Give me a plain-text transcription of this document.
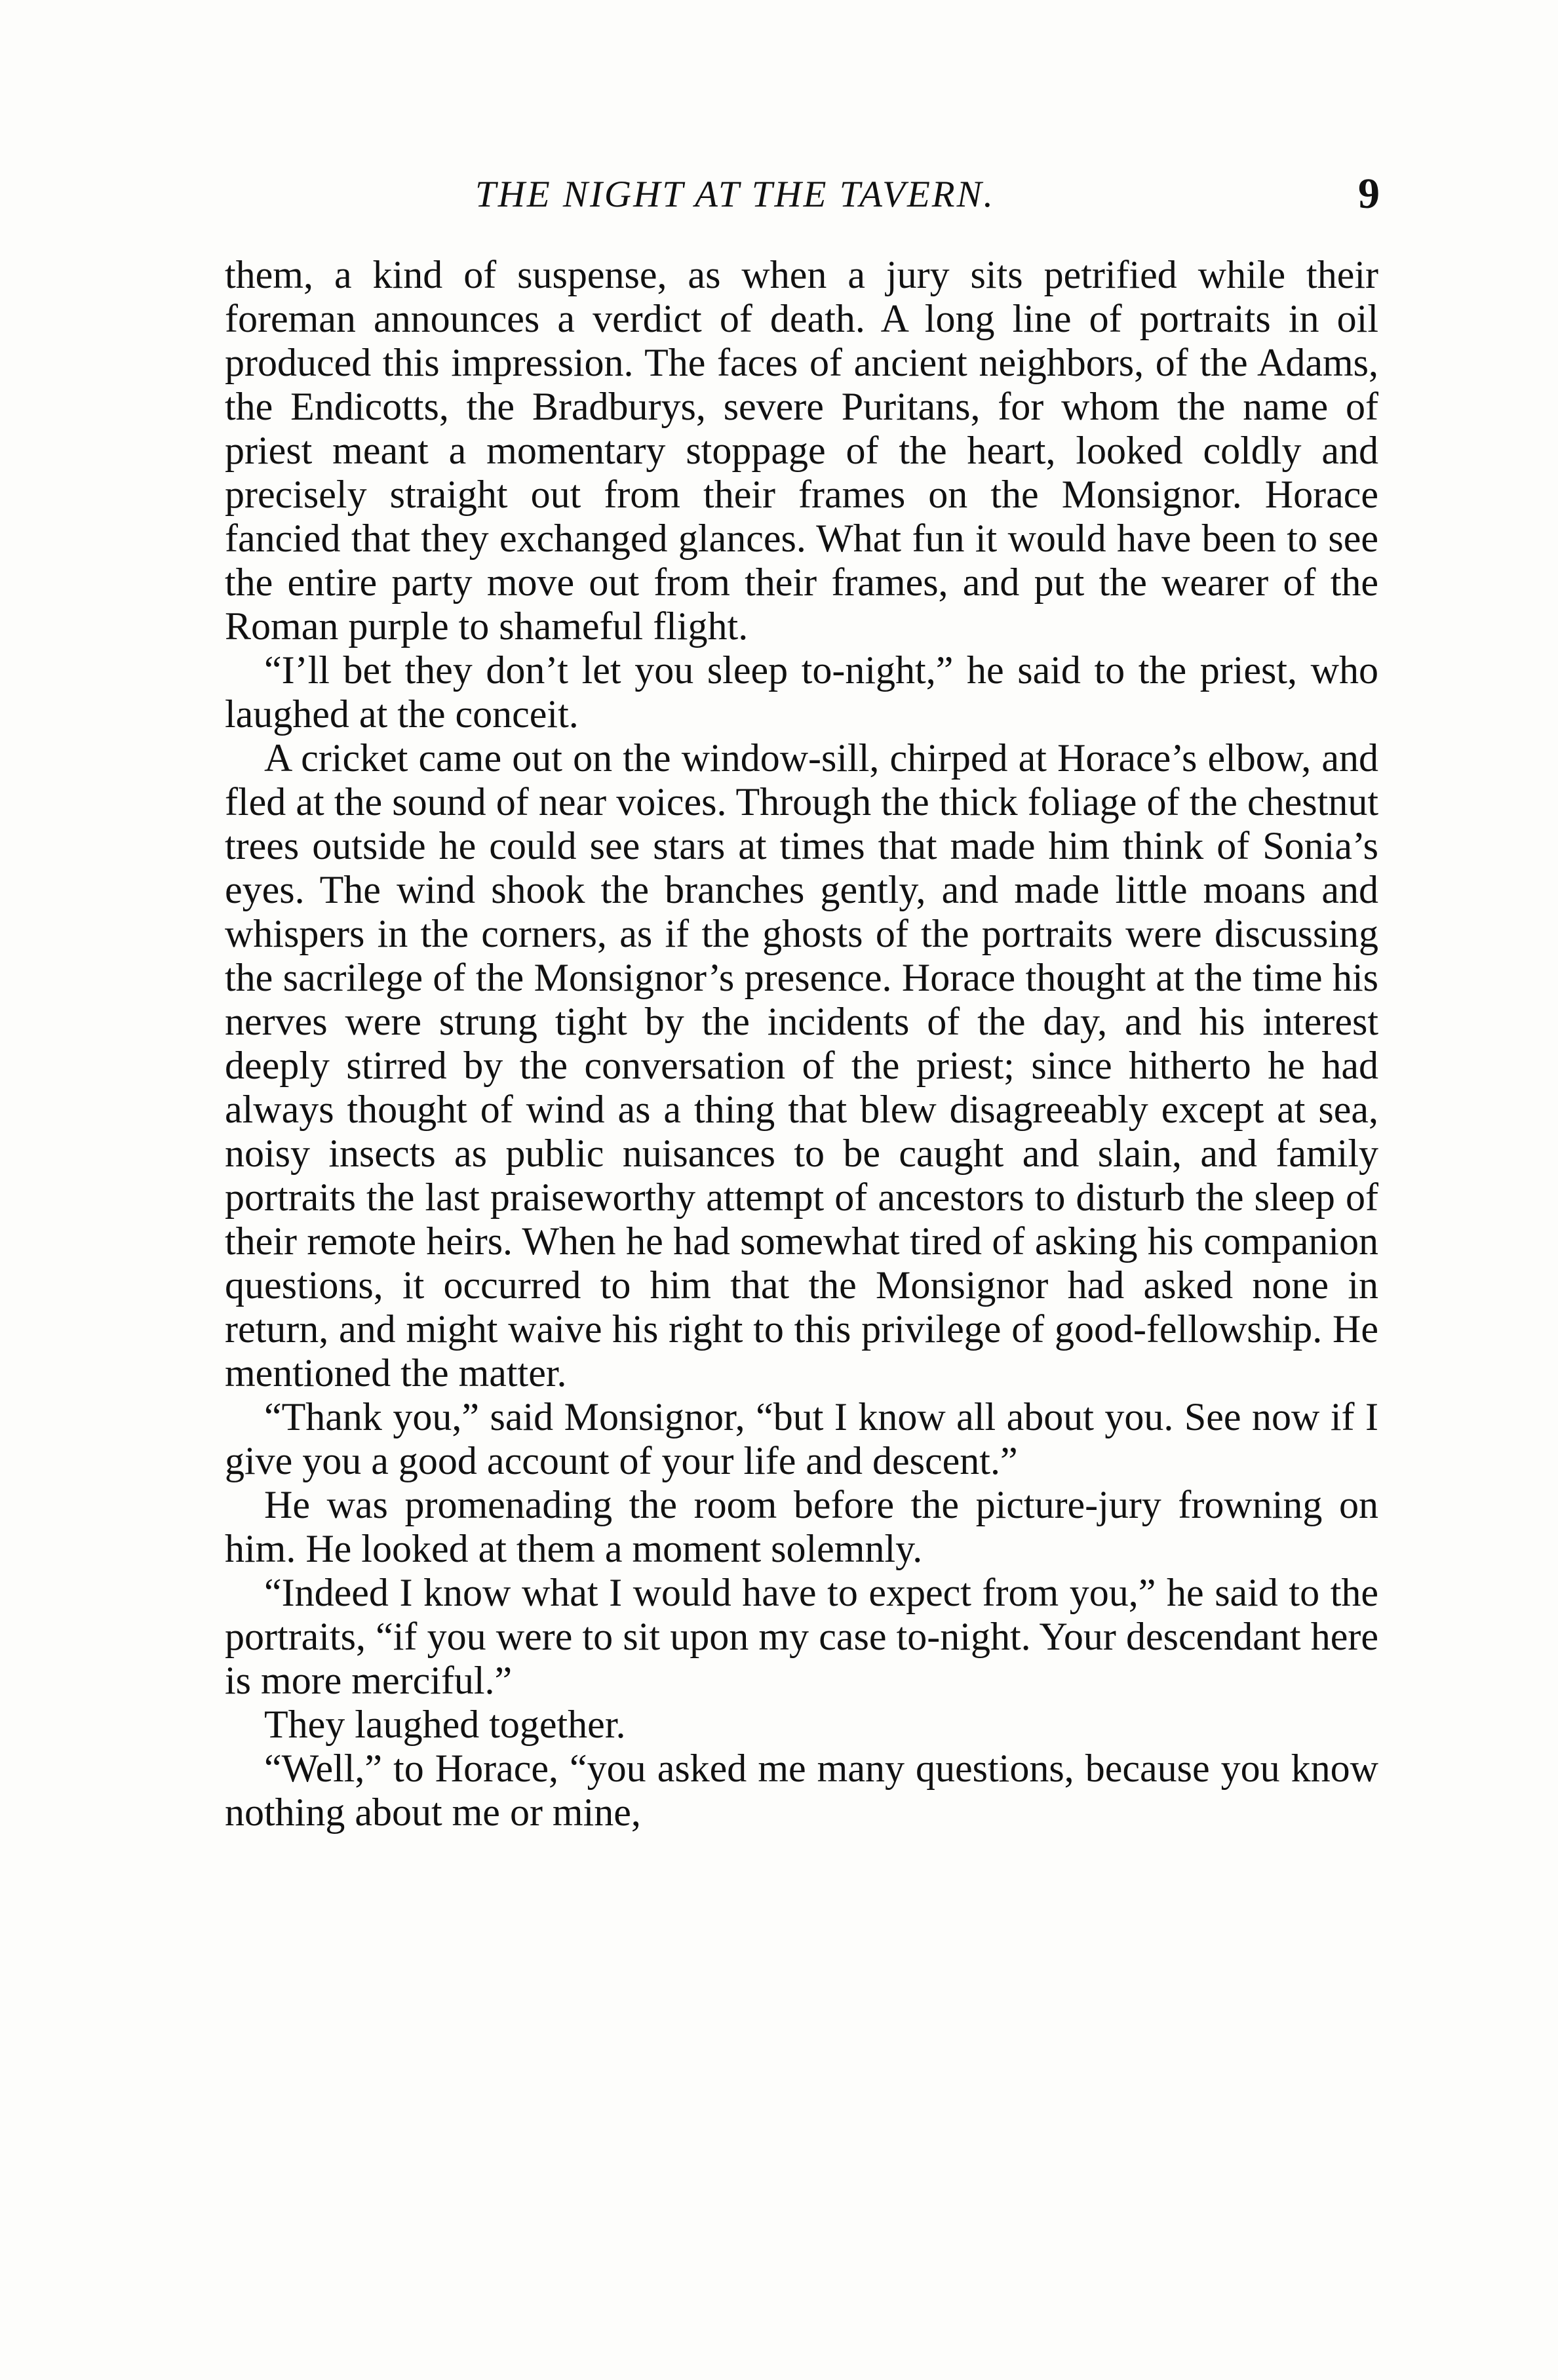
THE NIGHT AT THE TAVERN.	9

them, a kind of suspense, as when a jury sits petrified while their foreman announces a verdict of death. A long line of portraits in oil produced this impression. The faces of ancient neighbors, of the Adams, the Endicotts, the Bradburys, severe Puritans, for whom the name of priest meant a momentary stoppage of the heart, looked coldly and precisely straight out from their frames on the Monsignor. Horace fancied that they exchanged glances. What fun it would have been to see the entire party move out from their frames, and put the wearer of the Roman purple to shameful flight.

“I’ll bet they don’t let you sleep to-night,” he said to the priest, who laughed at the conceit.

A cricket came out on the window-sill, chirped at Horace’s elbow, and fled at the sound of near voices. Through the thick foliage of the chestnut trees outside he could see stars at times that made him think of Sonia’s eyes. The wind shook the branches gently, and made little moans and whispers in the corners, as if the ghosts of the portraits were discussing the sacrilege of the Monsignor’s presence. Horace thought at the time his nerves were strung tight by the incidents of the day, and his interest deeply stirred by the conversation of the priest; since hitherto he had always thought of wind as a thing that blew disagreeably except at sea, noisy insects as public nuisances to be caught and slain, and family portraits the last praiseworthy attempt of ancestors to disturb the sleep of their remote heirs. When he had somewhat tired of asking his companion questions, it occurred to him that the Monsignor had asked none in return, and might waive his right to this privilege of good-fellowship. He mentioned the matter.

“Thank you,” said Monsignor, “but I know all about you. See now if I give you a good account of your life and descent.”

He was promenading the room before the picture-jury frowning on him. He looked at them a moment solemnly.

“Indeed I know what I would have to expect from you,” he said to the portraits, “if you were to sit upon my case to-night. Your descendant here is more merciful.”

They laughed together.

“Well,” to Horace, “you asked me many questions, because you know nothing about me or mine,
